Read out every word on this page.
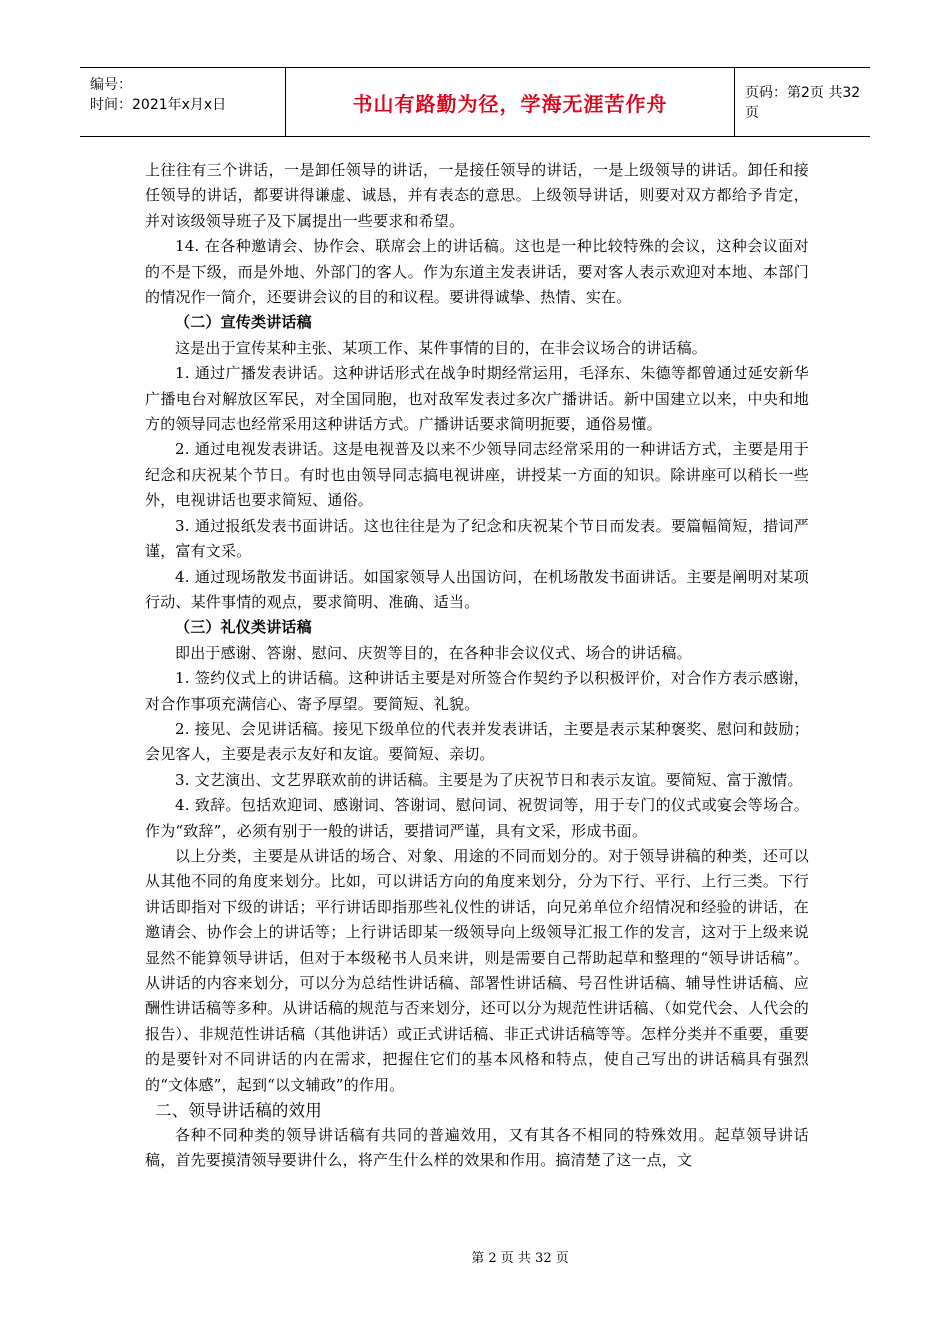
编号：
时间：2021年x月x日	书山有路勤为径，学海无涯苦作舟	页码：第2页 共32页

上往往有三个讲话，一是卸任领导的讲话，一是接任领导的讲话，一是上级领导的讲话。卸任和接任领导的讲话，都要讲得谦虚、诚恳，并有表态的意思。上级领导讲话，则要对双方都给予肯定，并对该级领导班子及下属提出一些要求和希望。

14. 在各种邀请会、协作会、联席会上的讲话稿。这也是一种比较特殊的会议，这种会议面对的不是下级，而是外地、外部门的客人。作为东道主发表讲话，要对客人表示欢迎对本地、本部门的情况作一简介，还要讲会议的目的和议程。要讲得诚挚、热情、实在。

（二）宣传类讲话稿

这是出于宣传某种主张、某项工作、某件事情的目的，在非会议场合的讲话稿。

1. 通过广播发表讲话。这种讲话形式在战争时期经常运用，毛泽东、朱德等都曾通过延安新华广播电台对解放区军民，对全国同胞，也对敌军发表过多次广播讲话。新中国建立以来，中央和地方的领导同志也经常采用这种讲话方式。广播讲话要求简明扼要，通俗易懂。

2. 通过电视发表讲话。这是电视普及以来不少领导同志经常采用的一种讲话方式，主要是用于纪念和庆祝某个节日。有时也由领导同志搞电视讲座，讲授某一方面的知识。除讲座可以稍长一些外，电视讲话也要求简短、通俗。

3. 通过报纸发表书面讲话。这也往往是为了纪念和庆祝某个节日而发表。要篇幅简短，措词严谨，富有文采。

4. 通过现场散发书面讲话。如国家领导人出国访问，在机场散发书面讲话。主要是阐明对某项行动、某件事情的观点，要求简明、准确、适当。

（三）礼仪类讲话稿

即出于感谢、答谢、慰问、庆贺等目的，在各种非会议仪式、场合的讲话稿。

1. 签约仪式上的讲话稿。这种讲话主要是对所签合作契约予以积极评价，对合作方表示感谢，对合作事项充满信心、寄予厚望。要简短、礼貌。

2. 接见、会见讲话稿。接见下级单位的代表并发表讲话，主要是表示某种褒奖、慰问和鼓励；会见客人，主要是表示友好和友谊。要简短、亲切。

3. 文艺演出、文艺界联欢前的讲话稿。主要是为了庆祝节日和表示友谊。要简短、富于激情。

4. 致辞。包括欢迎词、感谢词、答谢词、慰问词、祝贺词等，用于专门的仪式或宴会等场合。作为“致辞”，必须有别于一般的讲话，要措词严谨，具有文采，形成书面。

以上分类，主要是从讲话的场合、对象、用途的不同而划分的。对于领导讲稿的种类，还可以从其他不同的角度来划分。比如，可以讲话方向的角度来划分，分为下行、平行、上行三类。下行讲话即指对下级的讲话；平行讲话即指那些礼仪性的讲话，向兄弟单位介绍情况和经验的讲话，在邀请会、协作会上的讲话等；上行讲话即某一级领导向上级领导汇报工作的发言，这对于上级来说显然不能算领导讲话，但对于本级秘书人员来讲，则是需要自己帮助起草和整理的“领导讲话稿”。从讲话的内容来划分，可以分为总结性讲话稿、部署性讲话稿、号召性讲话稿、辅导性讲话稿、应酬性讲话稿等多种。从讲话稿的规范与否来划分，还可以分为规范性讲话稿、（如党代会、人代会的报告）、非规范性讲话稿（其他讲话）或正式讲话稿、非正式讲话稿等等。怎样分类并不重要，重要的是要针对不同讲话的内在需求，把握住它们的基本风格和特点，使自己写出的讲话稿具有强烈的“文体感”，起到“以文辅政”的作用。

二、领导讲话稿的效用

各种不同种类的领导讲话稿有共同的普遍效用，又有其各不相同的特殊效用。起草领导讲话稿，首先要摸清领导要讲什么，将产生什么样的效果和作用。搞清楚了这一点，文

第 2 页 共 32 页
